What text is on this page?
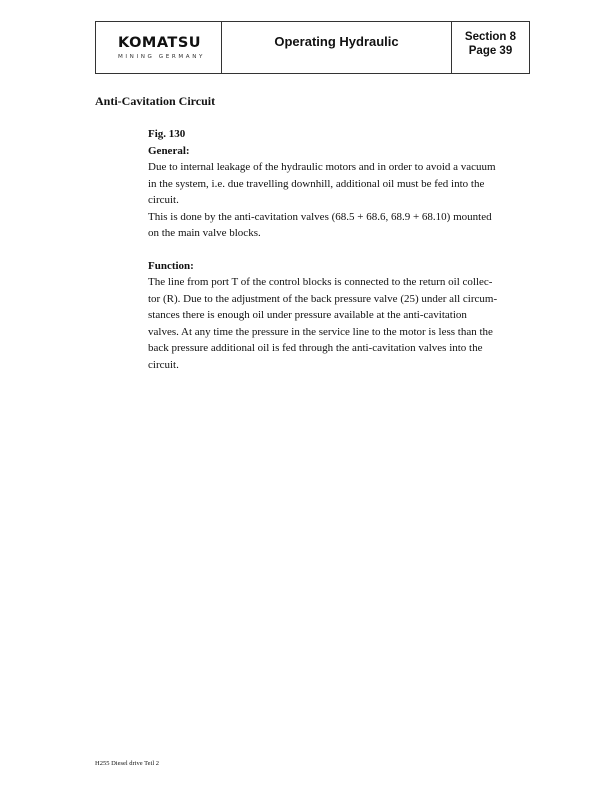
KOMATSU
MINING GERMANY
Operating Hydraulic	Section 8
Page 39
Anti-Cavitation Circuit

Fig. 130

General:

Due to internal leakage of the hydraulic motors and in order to avoid a vacuum

in the system, i.e. due travelling downhill, additional oil must be fed into the

circuit.

This is done by the anti-cavitation valves (68.5 + 68.6, 68.9 + 68.10) mounted

on the main valve blocks.

Function:

The line from port T of the control blocks is connected to the return oil collec-

tor (R). Due to the adjustment of the back pressure valve (25) under all circum-

stances there is enough oil under pressure available at the anti-cavitation

valves. At any time the pressure in the service line to the motor is less than the

back pressure additional oil is fed through the anti-cavitation valves into the

circuit.

H255 Diesel drive Teil 2
